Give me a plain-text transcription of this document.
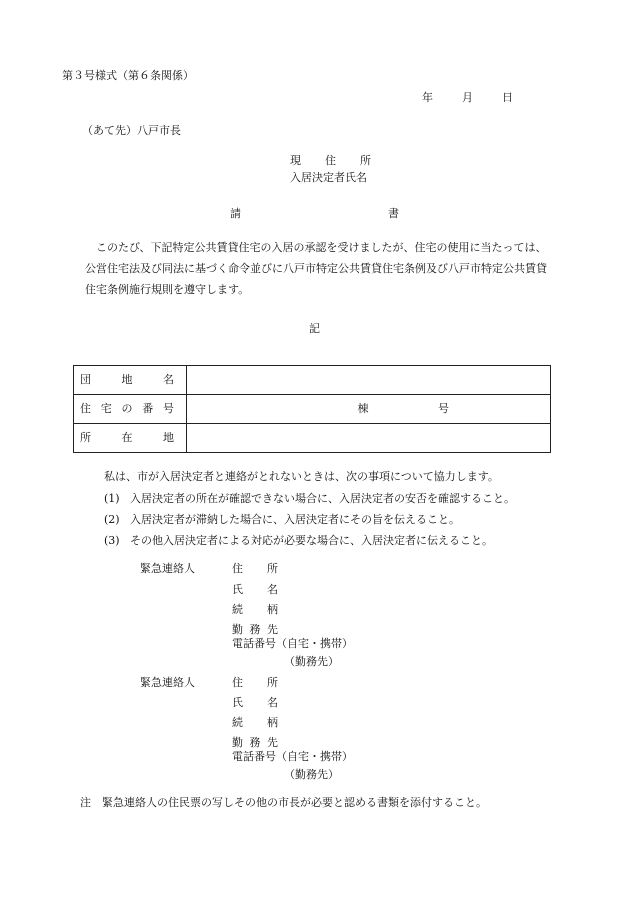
第３号様式（第６条関係）
年	月	日
（あて先）八戸市長
現 住 所
入居決定者氏名
請	書
このたび、下記特定公共賃貸住宅の入居の承認を受けましたが、住宅の使用に当たっては、公営住宅法及び同法に基づく命令並びに八戸市特定公共賃貸住宅条例及び八戸市特定公共賃貸住宅条例施行規則を遵守します。
記
団 地 名	

住 宅 の 番 号	棟 号

所 在 地	

私は、市が入居決定者と連絡がとれないときは、次の事項について協力します。
(1) 入居決定者の所在が確認できない場合に、入居決定者の安否を確認すること。
(2) 入居決定者が滞納した場合に、入居決定者にその旨を伝えること。
(3) その他入居決定者による対応が必要な場合に、入居決定者に伝えること。
緊急連絡人	住 所
氏 名
続 柄
勤 務 先
電話番号（自宅・携帯）
（勤務先）
緊急連絡人	住 所
氏 名
続 柄
勤 務 先
電話番号（自宅・携帯）
（勤務先）
注　緊急連絡人の住民票の写しその他の市長が必要と認める書類を添付すること。
